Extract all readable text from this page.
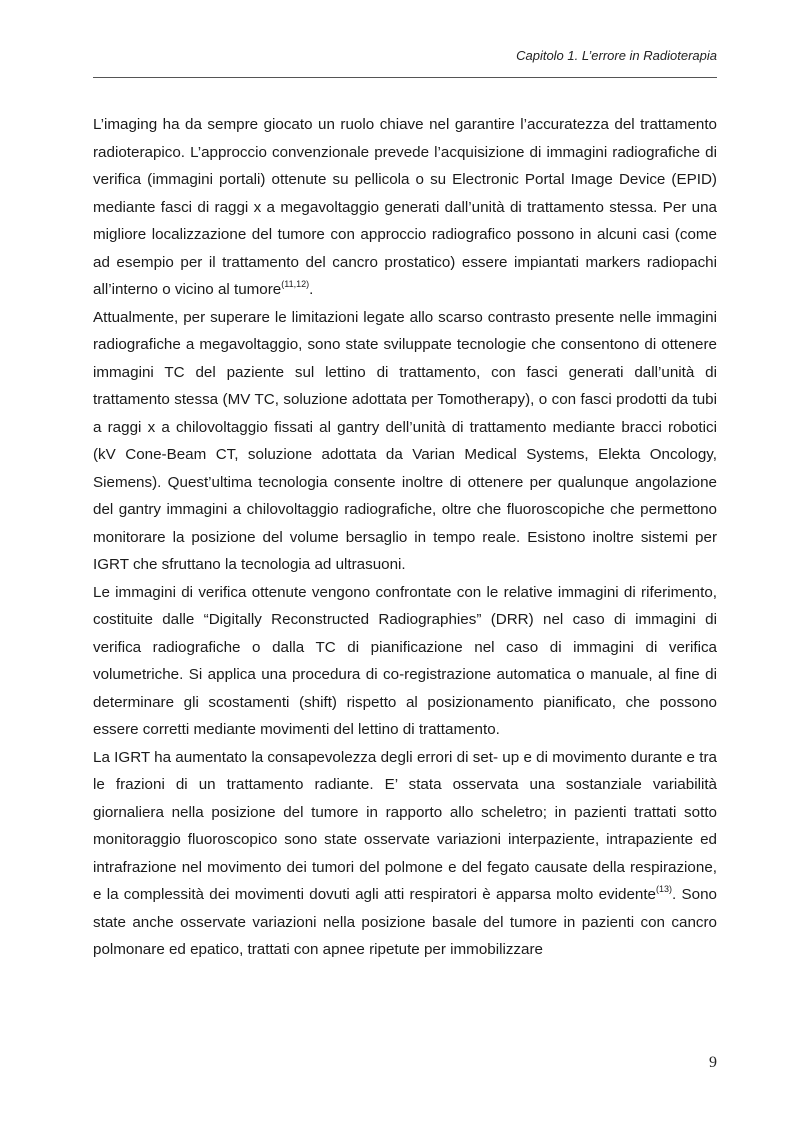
Capitolo 1. L’errore in Radioterapia

L’imaging ha da sempre giocato un ruolo chiave nel garantire l’accuratezza del trattamento radioterapico. L’approccio convenzionale prevede l’acquisizione di immagini radiografiche di verifica (immagini portali) ottenute su pellicola o su Electronic Portal Image Device (EPID) mediante fasci di raggi x a megavoltaggio generati dall’unità di trattamento stessa. Per una migliore localizzazione del tumore con approccio radiografico possono in alcuni casi (come ad esempio per il trattamento del cancro prostatico) essere impiantati markers radiopachi all’interno o vicino al tumore$^{(11,12)}$.

Attualmente, per superare le limitazioni legate allo scarso contrasto presente nelle immagini radiografiche a megavoltaggio, sono state sviluppate tecnologie che consentono di ottenere immagini TC del paziente sul lettino di trattamento, con fasci generati dall’unità di trattamento stessa (MV TC, soluzione adottata per Tomotherapy), o con fasci prodotti da tubi a raggi x a chilovoltaggio fissati al gantry dell’unità di trattamento mediante bracci robotici (kV Cone-Beam CT, soluzione adottata da Varian Medical Systems, Elekta Oncology, Siemens). Quest’ultima tecnologia consente inoltre di ottenere per qualunque angolazione del gantry immagini a chilovoltaggio radiografiche, oltre che fluoroscopiche che permettono monitorare la posizione del volume bersaglio in tempo reale. Esistono inoltre sistemi per IGRT che sfruttano la tecnologia ad ultrasuoni.

Le immagini di verifica ottenute vengono confrontate con le relative immagini di riferimento, costituite dalle “Digitally Reconstructed Radiographies” (DRR) nel caso di immagini di verifica radiografiche o dalla TC di pianificazione nel caso di immagini di verifica volumetriche. Si applica una procedura di co-registrazione automatica o manuale, al fine di determinare gli scostamenti (shift) rispetto al posizionamento pianificato, che possono essere corretti mediante movimenti del lettino di trattamento.

La IGRT ha aumentato la consapevolezza degli errori di set- up e di movimento durante e tra le frazioni di un trattamento radiante. E’ stata osservata una sostanziale variabilità giornaliera nella posizione del tumore in rapporto allo scheletro; in pazienti trattati sotto monitoraggio fluoroscopico sono state osservate variazioni interpaziente, intrapaziente ed intrafrazione nel movimento dei tumori del polmone e del fegato causate della respirazione, e la complessità dei movimenti dovuti agli atti respiratori è apparsa molto evidente$^{(13)}$. Sono state anche osservate variazioni nella posizione basale del tumore in pazienti con cancro polmonare ed epatico, trattati con apnee ripetute per immobilizzare

9
